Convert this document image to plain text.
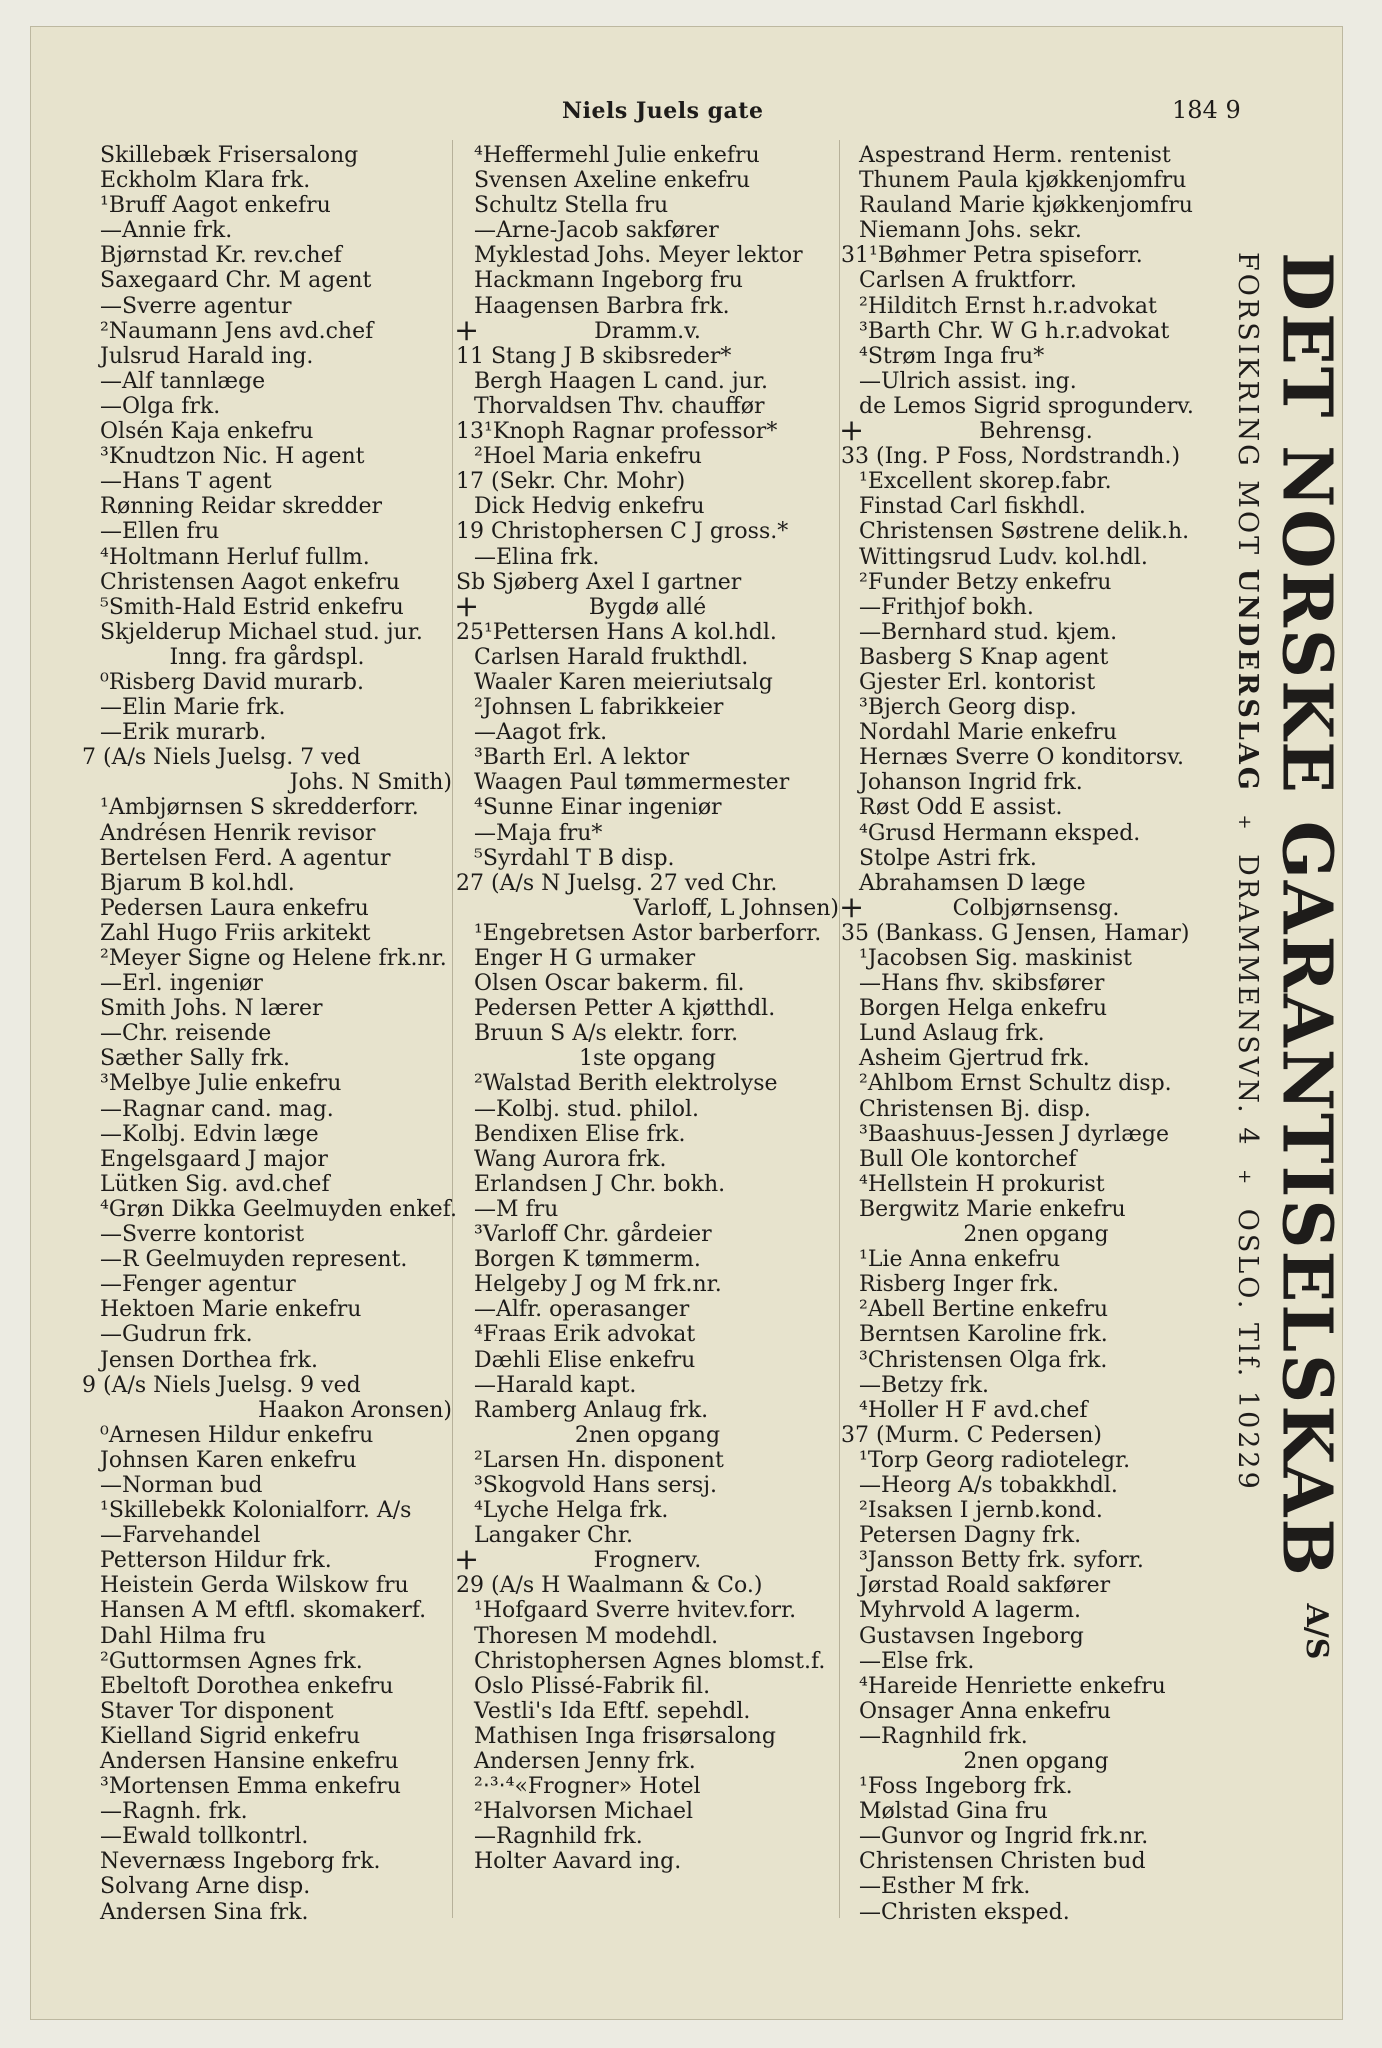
Niels Juels gate	184 9
Skillebæk Frisersalong
Eckholm Klara frk.
¹Bruff Aagot enkefru
—Annie frk.
Bjørnstad Kr. rev.chef
Saxegaard Chr. M agent
—Sverre agentur
²Naumann Jens avd.chef
Julsrud Harald ing.
—Alf tannlæge
—Olga frk.
Olsén Kaja enkefru
³Knudtzon Nic. H agent
—Hans T agent
Rønning Reidar skredder
—Ellen fru
⁴Holtmann Herluf fullm.
Christensen Aagot enkefru
⁵Smith-Hald Estrid enkefru
Skjelderup Michael stud. jur.
Inng. fra gårdspl.
⁰Risberg David murarb.
—Elin Marie frk.
—Erik murarb.
7 (A/s Niels Juelsg. 7 ved
Johs. N Smith)
¹Ambjørnsen S skredderforr.
Andrésen Henrik revisor
Bertelsen Ferd. A agentur
Bjarum B kol.hdl.
Pedersen Laura enkefru
Zahl Hugo Friis arkitekt
²Meyer Signe og Helene frk.nr.
—Erl. ingeniør
Smith Johs. N lærer
—Chr. reisende
Sæther Sally frk.
³Melbye Julie enkefru
—Ragnar cand. mag.
—Kolbj. Edvin læge
Engelsgaard J major
Lütken Sig. avd.chef
⁴Grøn Dikka Geelmuyden enkef.
—Sverre kontorist
—R Geelmuyden represent.
—Fenger agentur
Hektoen Marie enkefru
—Gudrun frk.
Jensen Dorthea frk.
9 (A/s Niels Juelsg. 9 ved
Haakon Aronsen)
⁰Arnesen Hildur enkefru
Johnsen Karen enkefru
—Norman bud
¹Skillebekk Kolonialforr. A/s
—Farvehandel
Petterson Hildur frk.
Heistein Gerda Wilskow fru
Hansen A M eftfl. skomakerf.
Dahl Hilma fru
²Guttormsen Agnes frk.
Ebeltoft Dorothea enkefru
Staver Tor disponent
Kielland Sigrid enkefru
Andersen Hansine enkefru
³Mortensen Emma enkefru
—Ragnh. frk.
—Ewald tollkontrl.
Nevernæss Ingeborg frk.
Solvang Arne disp.
Andersen Sina frk.
⁴Heffermehl Julie enkefru
Svensen Axeline enkefru
Schultz Stella fru
—Arne-Jacob sakfører
Myklestad Johs. Meyer lektor
Hackmann Ingeborg fru
Haagensen Barbra frk.
+	Dramm.v.
11 Stang J B skibsreder*
Bergh Haagen L cand. jur.
Thorvaldsen Thv. chauffør
13¹Knoph Ragnar professor*
²Hoel Maria enkefru
17 (Sekr. Chr. Mohr)
Dick Hedvig enkefru
19 Christophersen C J gross.*
—Elina frk.
Sb Sjøberg Axel I gartner
+	Bygdø allé
25¹Pettersen Hans A kol.hdl.
Carlsen Harald frukthdl.
Waaler Karen meieriutsalg
²Johnsen L fabrikkeier
—Aagot frk.
³Barth Erl. A lektor
Waagen Paul tømmermester
⁴Sunne Einar ingeniør
—Maja fru*
⁵Syrdahl T B disp.
27 (A/s N Juelsg. 27 ved Chr.
Varloff, L Johnsen)
¹Engebretsen Astor barberforr.
Enger H G urmaker
Olsen Oscar bakerm. fil.
Pedersen Petter A kjøtthdl.
Bruun S A/s elektr. forr.
1ste opgang
²Walstad Berith elektrolyse
—Kolbj. stud. philol.
Bendixen Elise frk.
Wang Aurora frk.
Erlandsen J Chr. bokh.
—M fru
³Varloff Chr. gårdeier
Borgen K tømmerm.
Helgeby J og M frk.nr.
—Alfr. operasanger
⁴Fraas Erik advokat
Dæhli Elise enkefru
—Harald kapt.
Ramberg Anlaug frk.
2nen opgang
²Larsen Hn. disponent
³Skogvold Hans sersj.
⁴Lyche Helga frk.
Langaker Chr.
+	Frognerv.
29 (A/s H Waalmann & Co.)
¹Hofgaard Sverre hvitev.forr.
Thoresen M modehdl.
Christophersen Agnes blomst.f.
Oslo Plissé-Fabrik fil.
Vestli's Ida Eftf. sepehdl.
Mathisen Inga frisørsalong
Andersen Jenny frk.
²‧³‧⁴«Frogner» Hotel
²Halvorsen Michael
—Ragnhild frk.
Holter Aavard ing.
Aspestrand Herm. rentenist
Thunem Paula kjøkkenjomfru
Rauland Marie kjøkkenjomfru
Niemann Johs. sekr.
31¹Bøhmer Petra spiseforr.
Carlsen A fruktforr.
²Hilditch Ernst h.r.advokat
³Barth Chr. W G h.r.advokat
⁴Strøm Inga fru*
—Ulrich assist. ing.
de Lemos Sigrid sprogunderv.
+	Behrensg.
33 (Ing. P Foss, Nordstrandh.)
¹Excellent skorep.fabr.
Finstad Carl fiskhdl.
Christensen Søstrene delik.h.
Wittingsrud Ludv. kol.hdl.
²Funder Betzy enkefru
—Frithjof bokh.
—Bernhard stud. kjem.
Basberg S Knap agent
Gjester Erl. kontorist
³Bjerch Georg disp.
Nordahl Marie enkefru
Hernæs Sverre O konditorsv.
Johanson Ingrid frk.
Røst Odd E assist.
⁴Grusd Hermann eksped.
Stolpe Astri frk.
Abrahamsen D læge
+	Colbjørnsensg.
35 (Bankass. G Jensen, Hamar)
¹Jacobsen Sig. maskinist
—Hans fhv. skibsfører
Borgen Helga enkefru
Lund Aslaug frk.
Asheim Gjertrud frk.
²Ahlbom Ernst Schultz disp.
Christensen Bj. disp.
³Baashuus-Jessen J dyrlæge
Bull Ole kontorchef
⁴Hellstein H prokurist
Bergwitz Marie enkefru
2nen opgang
¹Lie Anna enkefru
Risberg Inger frk.
²Abell Bertine enkefru
Berntsen Karoline frk.
³Christensen Olga frk.
—Betzy frk.
⁴Holler H F avd.chef
37 (Murm. C Pedersen)
¹Torp Georg radiotelegr.
—Heorg A/s tobakkhdl.
²Isaksen I jernb.kond.
Petersen Dagny frk.
³Jansson Betty frk. syforr.
Jørstad Roald sakfører
Myhrvold A lagerm.
Gustavsen Ingeborg
—Else frk.
⁴Hareide Henriette enkefru
Onsager Anna enkefru
—Ragnhild frk.
2nen opgang
¹Foss Ingeborg frk.
Mølstad Gina fru
—Gunvor og Ingrid frk.nr.
Christensen Christen bud
—Esther M frk.
—Christen eksped.
DET NORSKE GARANTISELSKAB $^{A/S}$
FORSIKRING MOT UNDERSLAG + DRAMMENSVN. 4 + OSLO. Tlf. 10229
